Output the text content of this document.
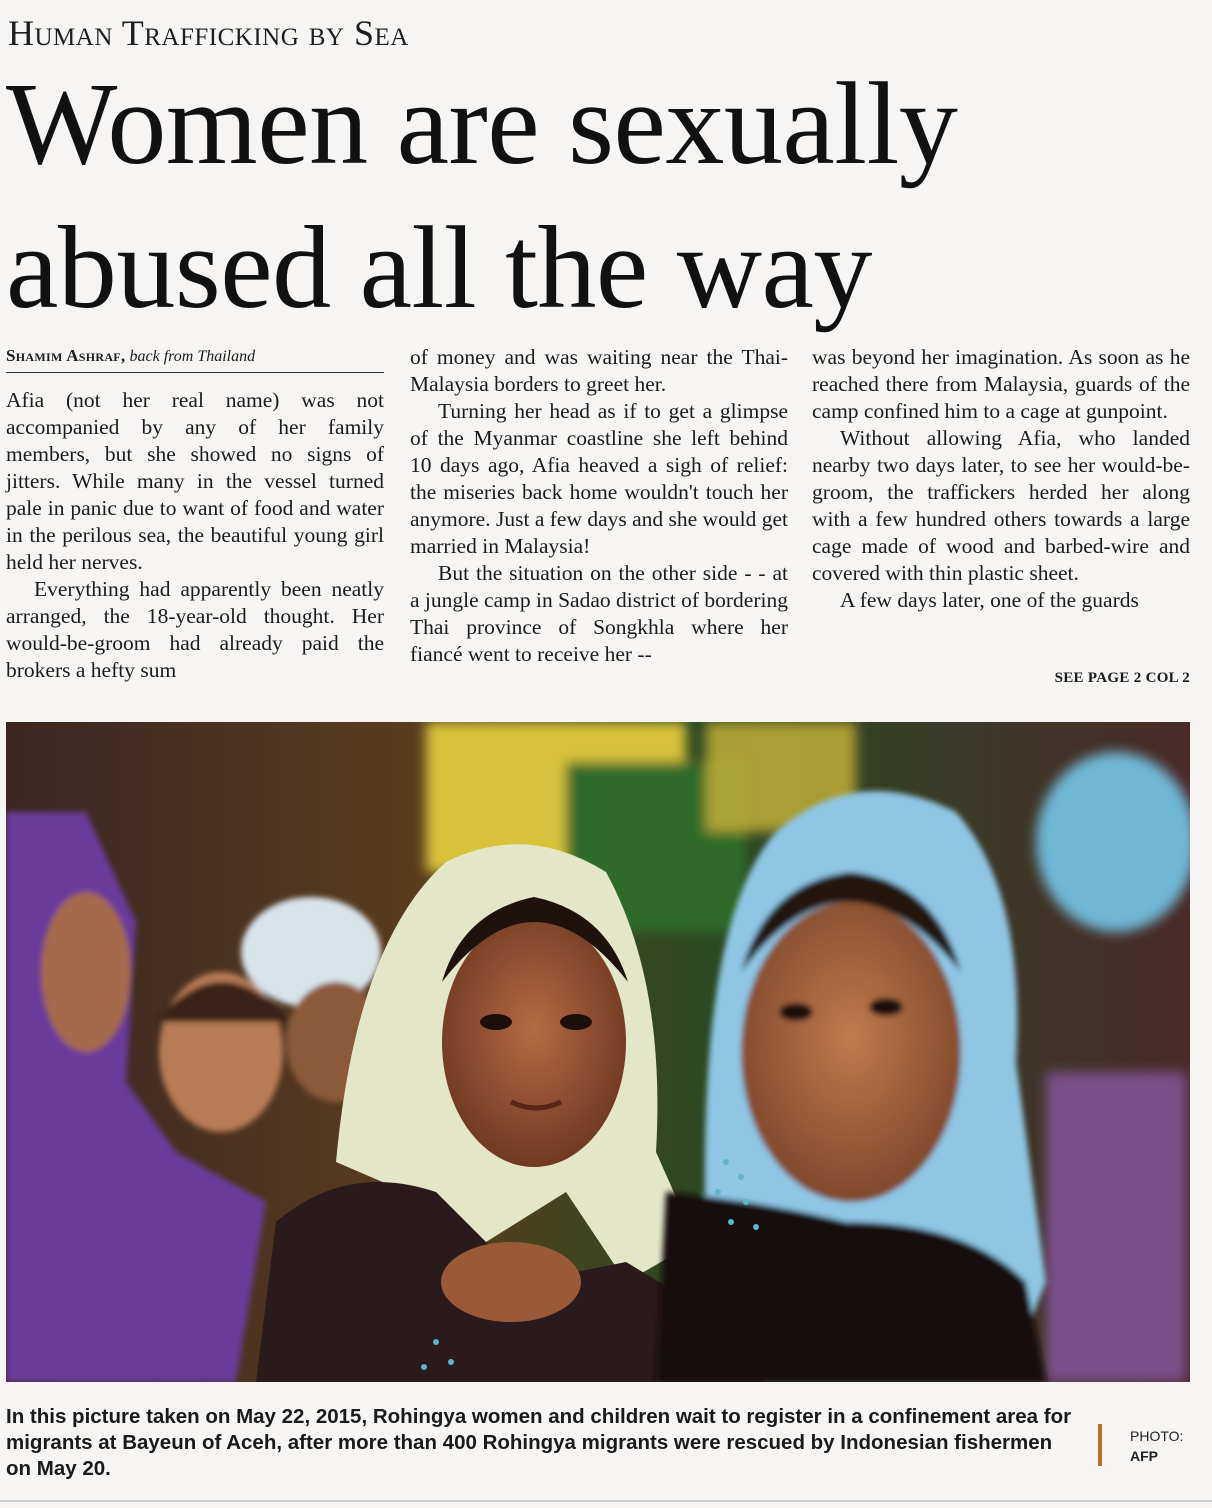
Human Trafficking by Sea
Women are sexually abused all the way
Shamim Ashraf, back from Thailand

Afia (not her real name) was not accompanied by any of her family members, but she showed no signs of jitters. While many in the vessel turned pale in panic due to want of food and water in the perilous sea, the beautiful young girl held her nerves.

Everything had apparently been neatly arranged, the 18-year-old thought. Her would-be-groom had already paid the brokers a hefty sum

of money and was waiting near the Thai-Malaysia borders to greet her.

Turning her head as if to get a glimpse of the Myanmar coastline she left behind 10 days ago, Afia heaved a sigh of relief: the miseries back home wouldn't touch her anymore. Just a few days and she would get married in Malaysia!

But the situation on the other side - - at a jungle camp in Sadao district of bordering Thai province of Songkhla where her fiancé went to receive her --

was beyond her imagination. As soon as he reached there from Malaysia, guards of the camp confined him to a cage at gunpoint.

Without allowing Afia, who landed nearby two days later, to see her would-be-groom, the traffickers herded her along with a few hundred others towards a large cage made of wood and barbed-wire and covered with thin plastic sheet.

A few days later, one of the guards

SEE PAGE 2 COL 2
In this picture taken on May 22, 2015, Rohingya women and children wait to register in a confinement area for migrants at Bayeun of Aceh, after more than 400 Rohingya migrants were rescued by Indonesian fishermen on May 20.
PHOTO:
AFP
